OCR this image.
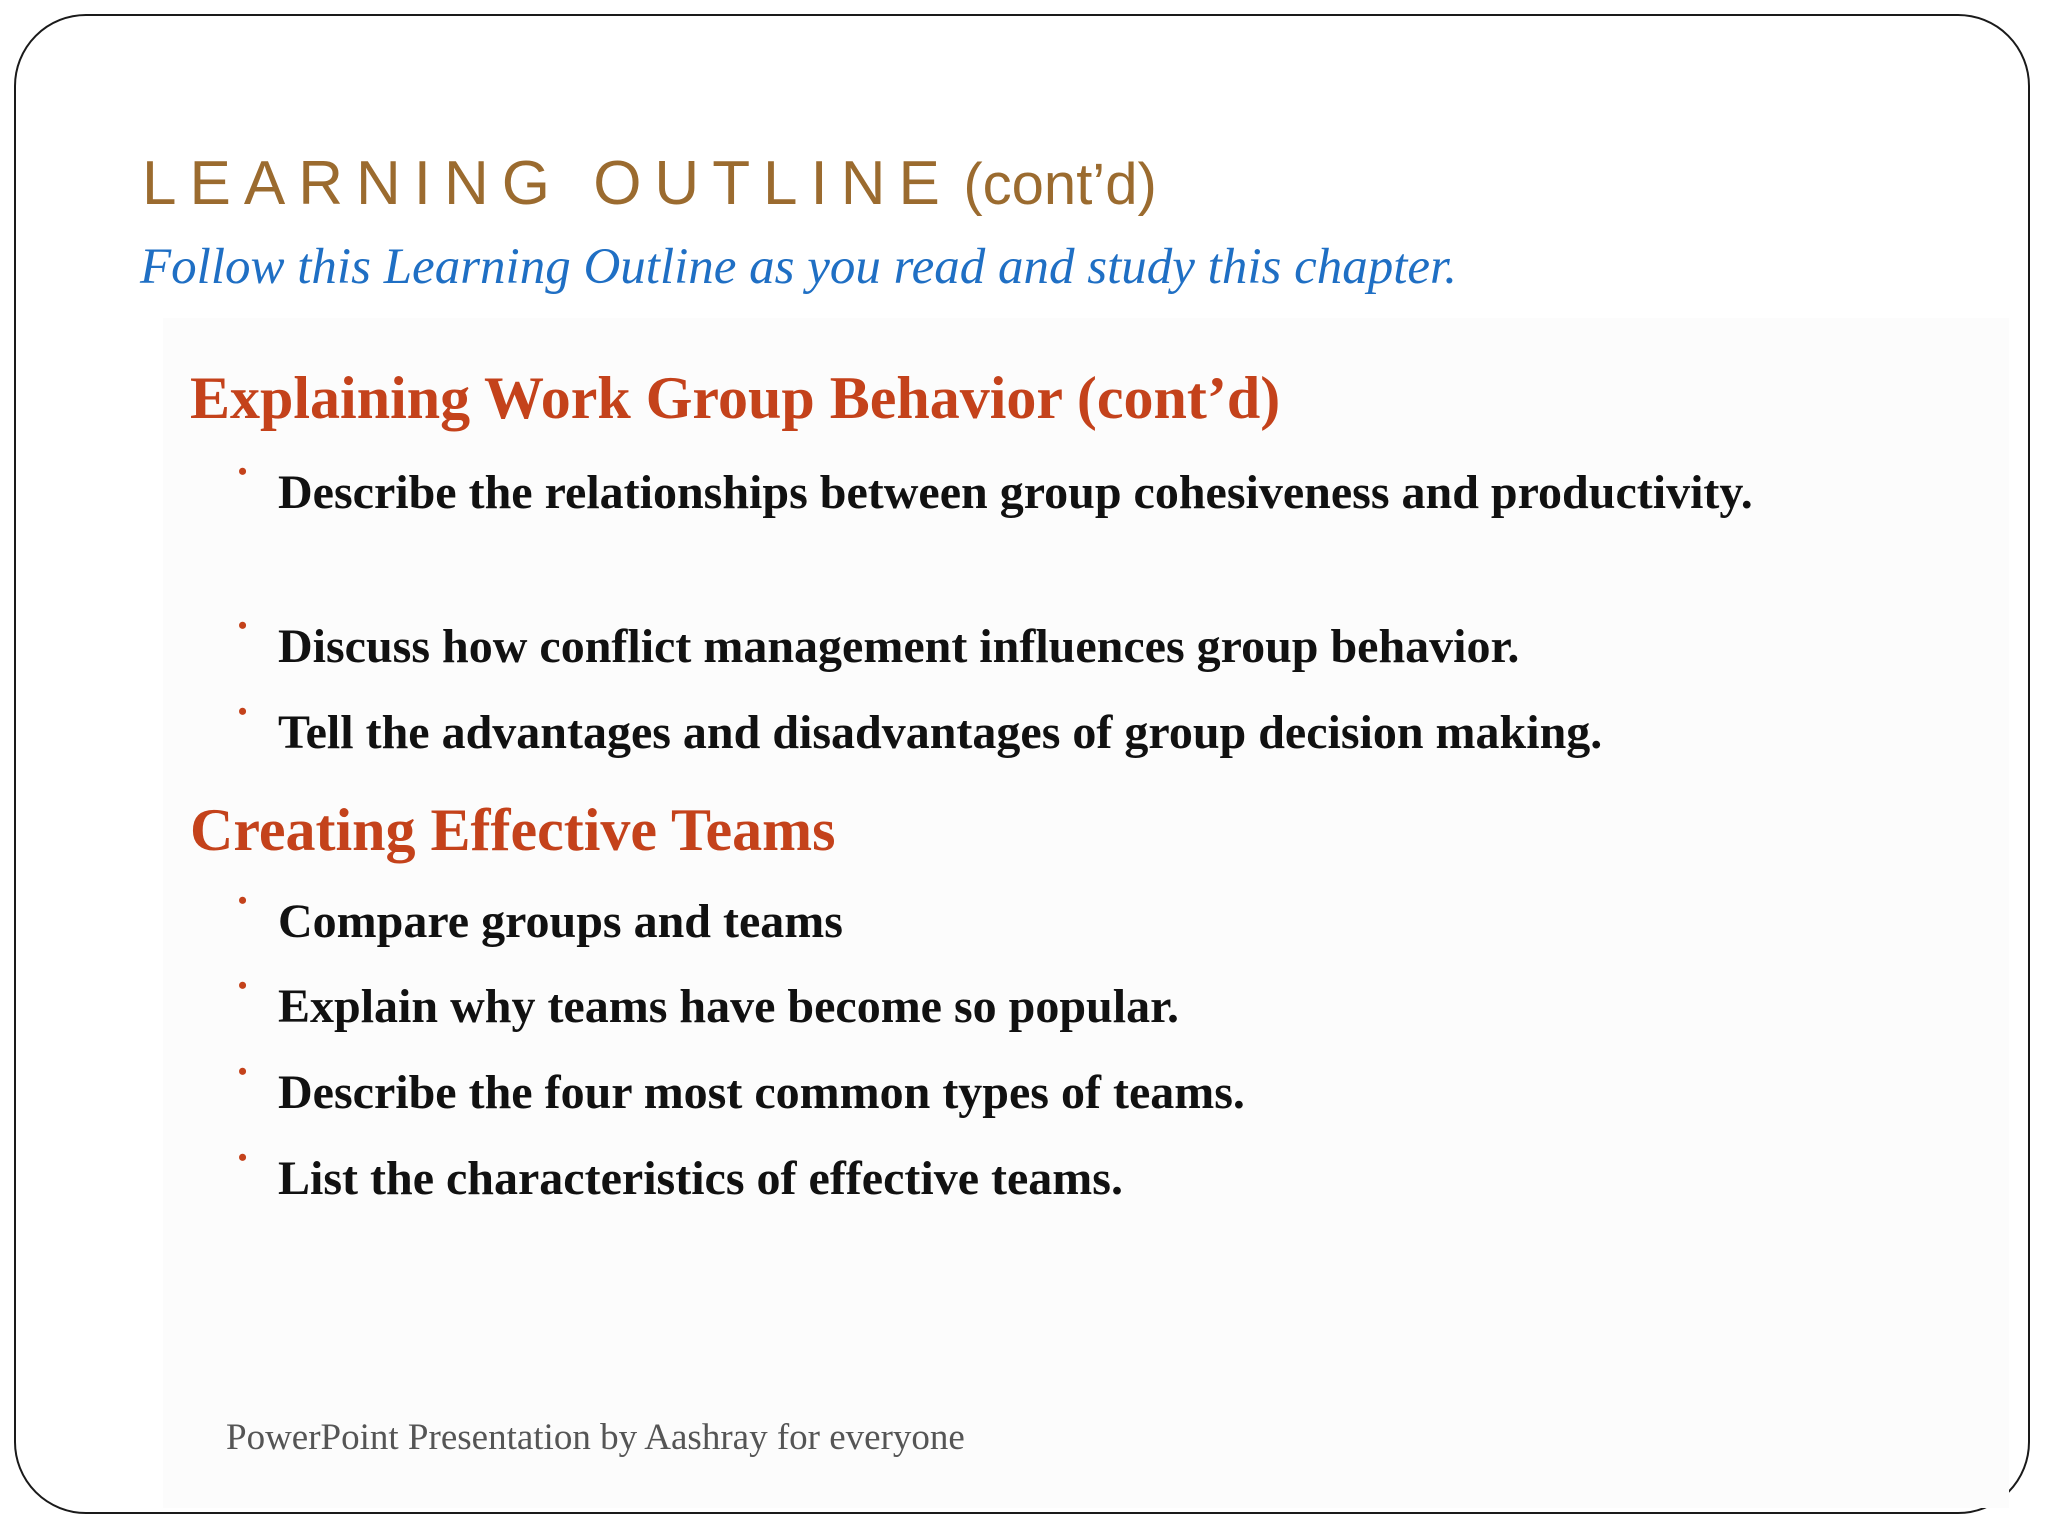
LEARNING OUTLINE (cont’d)
Follow this Learning Outline as you read and study this chapter.
Explaining Work Group Behavior (cont’d)
• Describe the relationships between group cohesiveness and productivity.
• Discuss how conflict management influences group behavior.
• Tell the advantages and disadvantages of group decision making.
Creating Effective Teams
• Compare groups and teams
• Explain why teams have become so popular.
• Describe the four most common types of teams.
• List the characteristics of effective teams.
PowerPoint Presentation by Aashray for everyone
